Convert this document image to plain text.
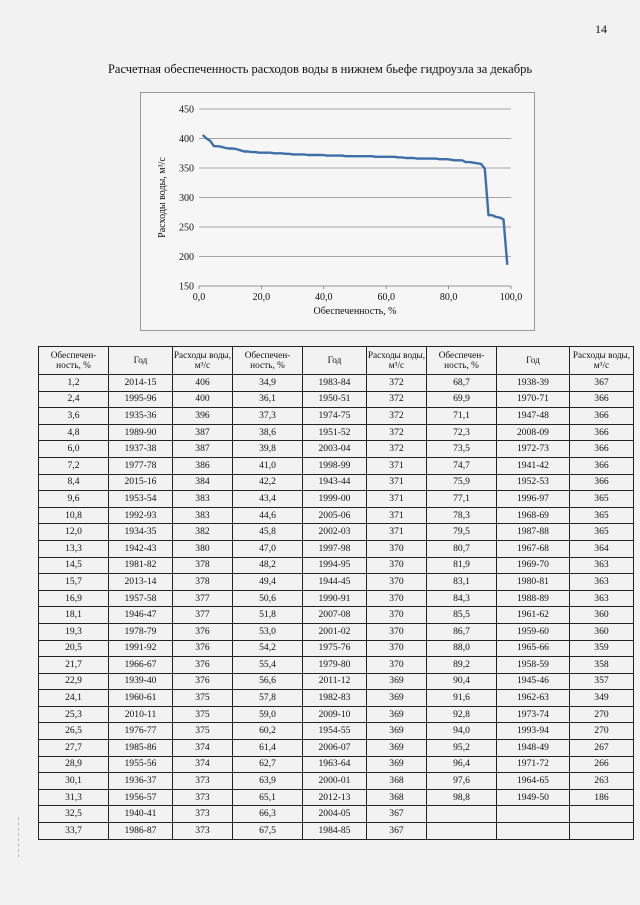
14
Расчетная обеспеченность расходов воды в нижнем бьефе гидроузла за декабрь
150
200
250
300
350
400
450
0,0	20,0	40,0	60,0	80,0	100,0
Обеспеченность, %
Расходы воды, м³/с
Обеспечен-ность, %	Год	Расходы воды, м³/с	Обеспечен-ность, %	Год	Расходы воды, м³/с	Обеспечен-ность, %	Год	Расходы воды, м³/с
1,2	2014-15	406	34,9	1983-84	372	68,7	1938-39	367
2,4	1995-96	400	36,1	1950-51	372	69,9	1970-71	366
3,6	1935-36	396	37,3	1974-75	372	71,1	1947-48	366
4,8	1989-90	387	38,6	1951-52	372	72,3	2008-09	366
6,0	1937-38	387	39,8	2003-04	372	73,5	1972-73	366
7,2	1977-78	386	41,0	1998-99	371	74,7	1941-42	366
8,4	2015-16	384	42,2	1943-44	371	75,9	1952-53	366
9,6	1953-54	383	43,4	1999-00	371	77,1	1996-97	365
10,8	1992-93	383	44,6	2005-06	371	78,3	1968-69	365
12,0	1934-35	382	45,8	2002-03	371	79,5	1987-88	365
13,3	1942-43	380	47,0	1997-98	370	80,7	1967-68	364
14,5	1981-82	378	48,2	1994-95	370	81,9	1969-70	363
15,7	2013-14	378	49,4	1944-45	370	83,1	1980-81	363
16,9	1957-58	377	50,6	1990-91	370	84,3	1988-89	363
18,1	1946-47	377	51,8	2007-08	370	85,5	1961-62	360
19,3	1978-79	376	53,0	2001-02	370	86,7	1959-60	360
20,5	1991-92	376	54,2	1975-76	370	88,0	1965-66	359
21,7	1966-67	376	55,4	1979-80	370	89,2	1958-59	358
22,9	1939-40	376	56,6	2011-12	369	90,4	1945-46	357
24,1	1960-61	375	57,8	1982-83	369	91,6	1962-63	349
25,3	2010-11	375	59,0	2009-10	369	92,8	1973-74	270
26,5	1976-77	375	60,2	1954-55	369	94,0	1993-94	270
27,7	1985-86	374	61,4	2006-07	369	95,2	1948-49	267
28,9	1955-56	374	62,7	1963-64	369	96,4	1971-72	266
30,1	1936-37	373	63,9	2000-01	368	97,6	1964-65	263
31,3	1956-57	373	65,1	2012-13	368	98,8	1949-50	186
32,5	1940-41	373	66,3	2004-05	367			
33,7	1986-87	373	67,5	1984-85	367			
